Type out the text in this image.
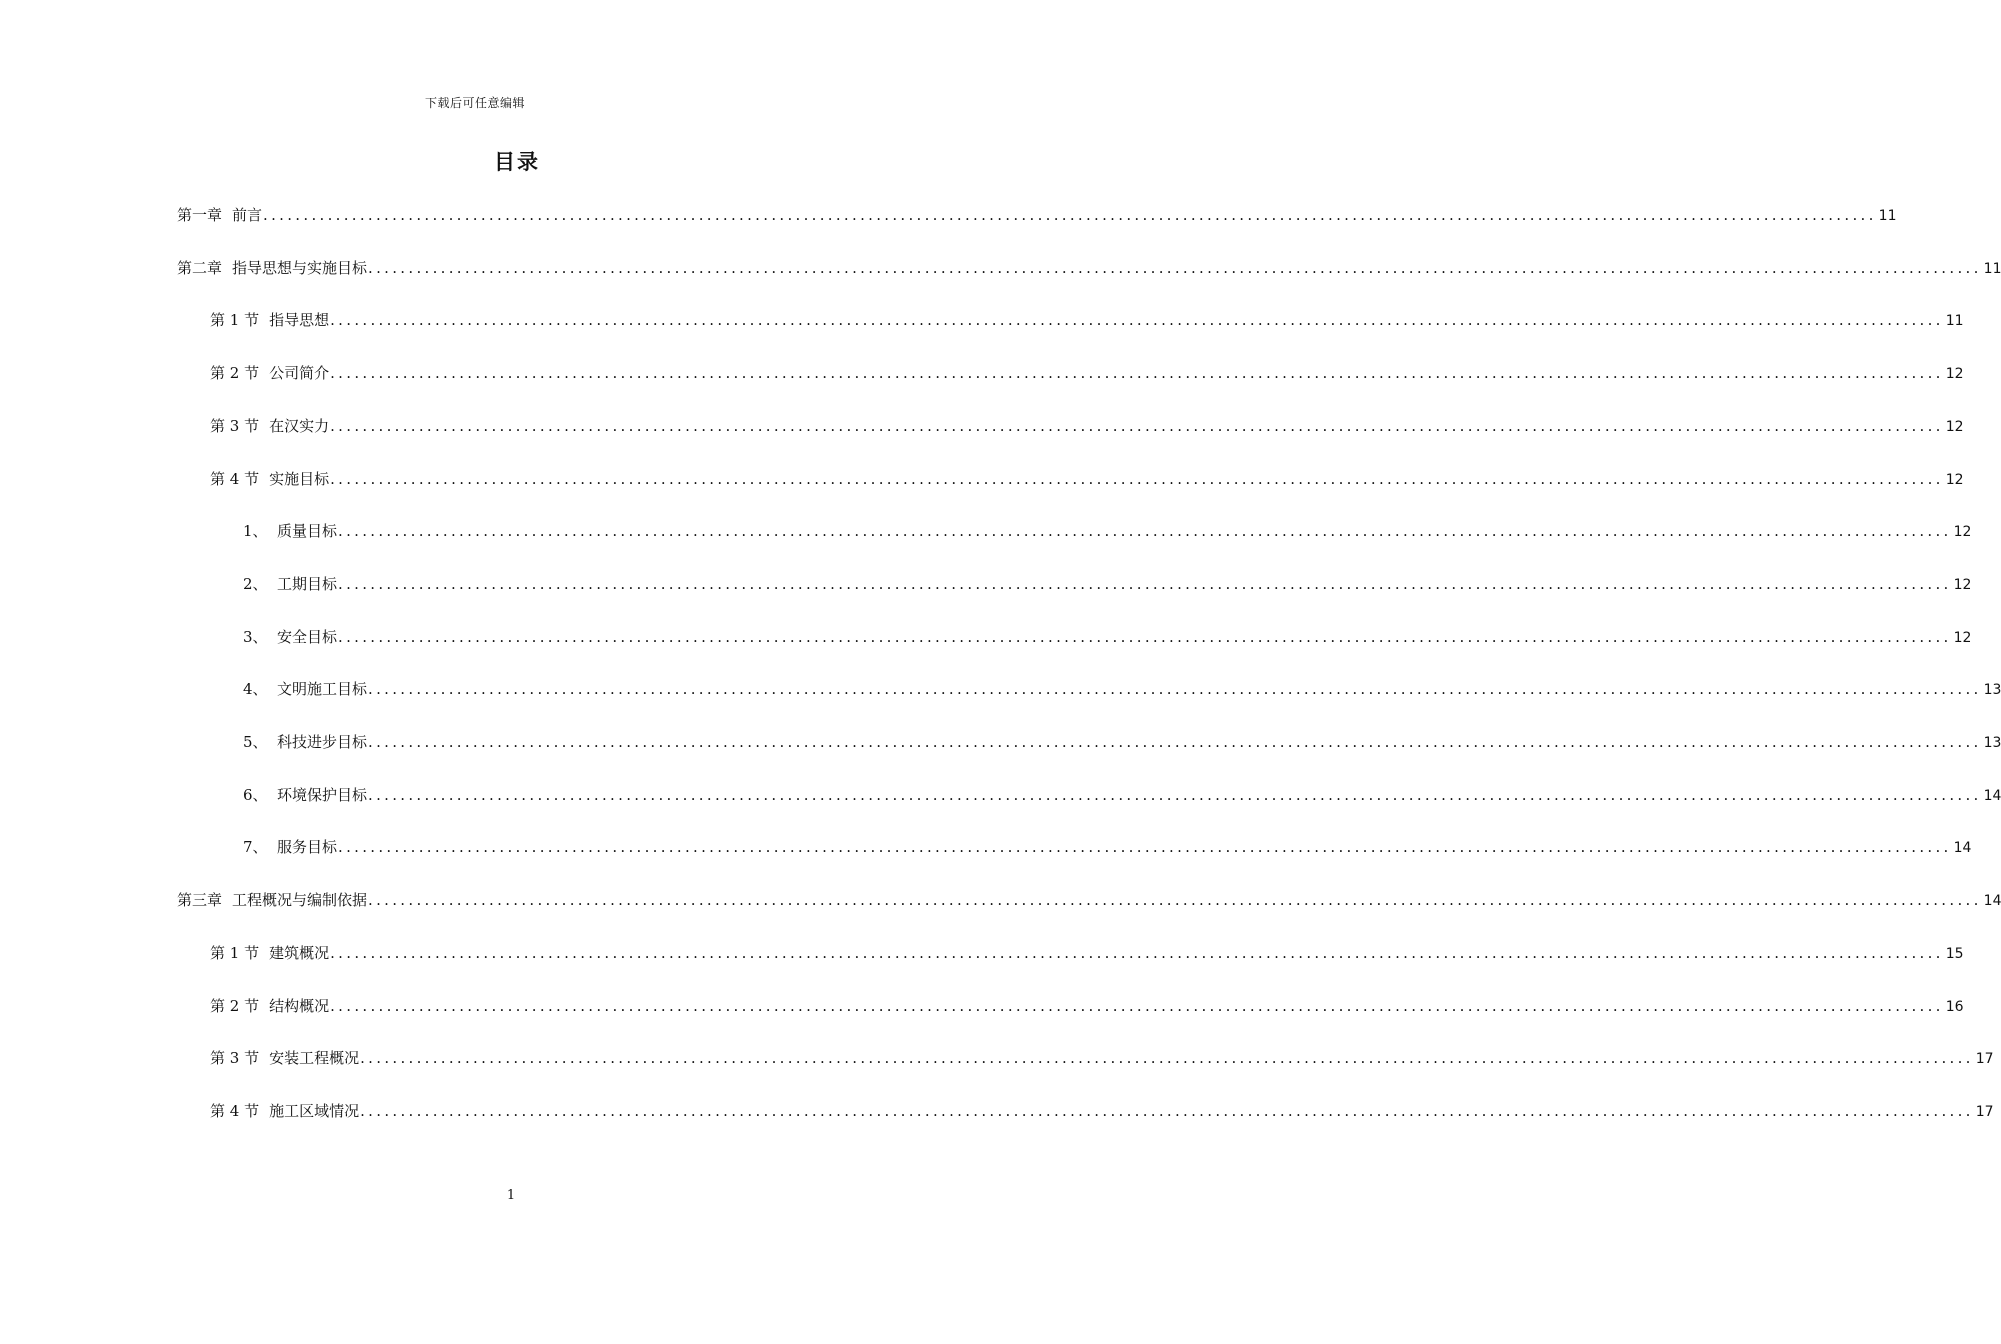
下载后可任意编辑
目录
第一章 前言 ........................................................................................................................................................................................................ 11
第二章 指导思想与实施目标 ........................................................................................................................................................................................................ 11
第 1 节 指导思想 ........................................................................................................................................................................................................ 11
第 2 节 公司简介 ........................................................................................................................................................................................................ 12
第 3 节 在汉实力 ........................................................................................................................................................................................................ 12
第 4 节 实施目标 ........................................................................................................................................................................................................ 12
1、 质量目标 ........................................................................................................................................................................................................ 12
2、 工期目标 ........................................................................................................................................................................................................ 12
3、 安全目标 ........................................................................................................................................................................................................ 12
4、 文明施工目标 ........................................................................................................................................................................................................ 13
5、 科技进步目标 ........................................................................................................................................................................................................ 13
6、 环境保护目标 ........................................................................................................................................................................................................ 14
7、 服务目标 ........................................................................................................................................................................................................ 14
第三章 工程概况与编制依据 ........................................................................................................................................................................................................ 14
第 1 节 建筑概况 ........................................................................................................................................................................................................ 15
第 2 节 结构概况 ........................................................................................................................................................................................................ 16
第 3 节 安装工程概况 ........................................................................................................................................................................................................ 17
第 4 节 施工区域情况 ........................................................................................................................................................................................................ 17
1
